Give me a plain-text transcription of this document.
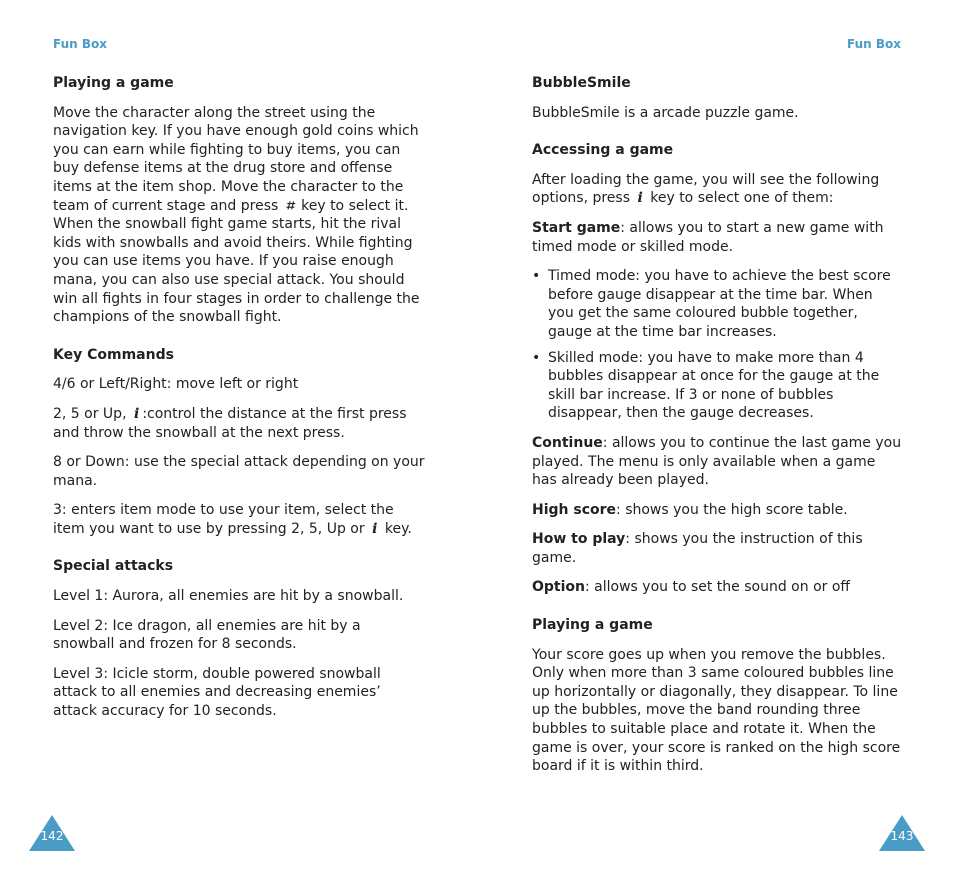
Fun Box
Playing a game

Move the character along the street using the navigation key. If you have enough gold coins which you can earn while fighting to buy items, you can buy defense items at the drug store and offense items at the item shop. Move the character to the team of current stage and press ⌗ key to select it. When the snowball fight game starts, hit the rival kids with snowballs and avoid theirs. While fighting you can use items you have. If you raise enough mana, you can also use special attack. You should win all fights in four stages in order to challenge the champions of the snowball fight.

Key Commands

4/6 or Left/Right: move left or right

2, 5 or Up, i :control the distance at the first press and throw the snowball at the next press.

8 or Down: use the special attack depending on your mana.

3: enters item mode to use your item, select the item you want to use by pressing 2, 5, Up or i key.

Special attacks

Level 1: Aurora, all enemies are hit by a snowball.

Level 2: Ice dragon, all enemies are hit by a snowball and frozen for 8 seconds.

Level 3: Icicle storm, double powered snowball attack to all enemies and decreasing enemies’ attack accuracy for 10 seconds.

142
Fun Box
BubbleSmile

BubbleSmile is a arcade puzzle game.

Accessing a game

After loading the game, you will see the following options, press i key to select one of them:

Start game: allows you to start a new game with timed mode or skilled mode.

• Timed mode: you have to achieve the best score before gauge disappear at the time bar. When you get the same coloured bubble together, gauge at the time bar increases.
• Skilled mode: you have to make more than 4 bubbles disappear at once for the gauge at the skill bar increase. If 3 or none of bubbles disappear, then the gauge decreases.

Continue: allows you to continue the last game you played. The menu is only available when a game has already been played.

High score: shows you the high score table.

How to play: shows you the instruction of this game.

Option: allows you to set the sound on or off

Playing a game

Your score goes up when you remove the bubbles. Only when more than 3 same coloured bubbles line up horizontally or diagonally, they disappear. To line up the bubbles, move the band rounding three bubbles to suitable place and rotate it. When the game is over, your score is ranked on the high score board if it is within third.

143
